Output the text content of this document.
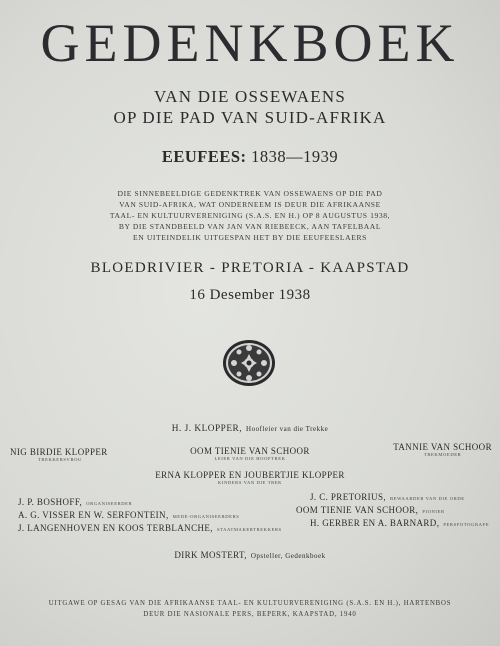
GEDENKBOEK
VAN DIE OSSEWAENS
OP DIE PAD VAN SUID-AFRIKA
EEUFEES: 1838—1939
DIE SINNEBEELDIGE GEDENKTREK VAN OSSEWAENS OP DIE PAD
VAN SUID-AFRIKA, WAT ONDERNEEM IS DEUR DIE AFRIKAANSE
TAAL- EN KULTUURVERENIGING (S.A.S. EN H.) OP 8 AUGUSTUS 1938,
BY DIE STANDBEELD VAN JAN VAN RIEBEECK, AAN TAFELBAAL
EN UITEINDELIK UITGESPAN HET BY DIE EEUFEESLAERS
BLOEDRIVIER - PRETORIA - KAAPSTAD
16 Desember 1938
H. J. KLOPPER, Hoofleier van die Trekke
NIG BIRDIE KLOPPER
TREKKERSVROU
TANNIE VAN SCHOOR
TREKMOEDER
OOM TIENIE VAN SCHOOR
LEIER VAN DIE HOOFTREK
ERNA KLOPPER EN JOUBERTJIE KLOPPER
KINDERS VAN DIE TREK
J. P. BOSHOFF, ORGANISEERDER
A. G. VISSER EN W. SERFONTEIN, MEDE-ORGANISEERDERS
J. LANGENHOVEN EN KOOS TERBLANCHE, STAATMAKERTREKKERS
J. C. PRETORIUS, BEWAARDER VAN DIE ORDE
OOM TIENIE VAN SCHOOR, PIONIER
H. GERBER EN A. BARNARD, PERSFOTOGRAFE
DIRK MOSTERT, Opsteller, Gedenkboek
UITGAWE OP GESAG VAN DIE AFRIKAANSE TAAL- EN KULTUURVERENIGING (S.A.S. EN H.), HARTENBOS
DEUR DIE NASIONALE PERS, BEPERK, KAAPSTAD, 1940
